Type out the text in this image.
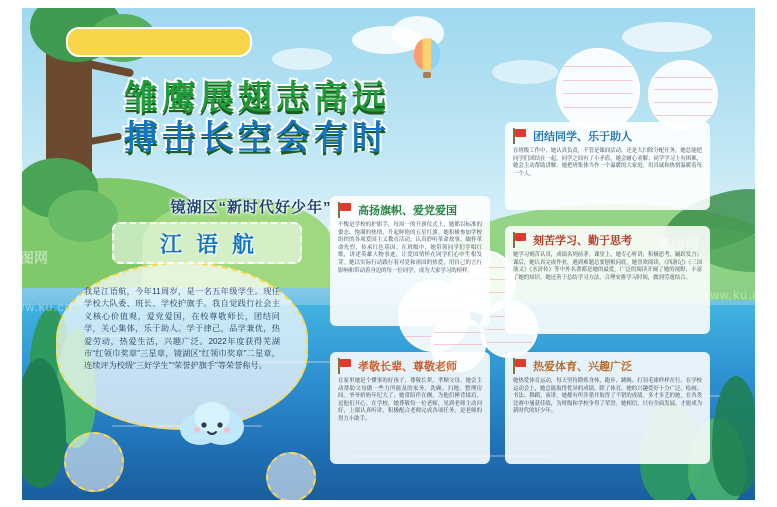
雏鹰展翅志高远
搏击长空会有时
镜湖区“新时代好少年”
江 语 航
我是江语航，今年11周岁，是一名五年级学生。现任学校大队委、班长、学校护旗手。我自觉践行社会主义核心价值观，爱党爱国，在校尊敬师长，团结同学，关心集体，乐于助人。学于律己，品学兼优，热爱劳动，热爱生活，兴趣广泛。2022年度获得芜湖市“红领巾奖章”三星章，镜湖区“红领巾奖章”二星章，连续评为校级“三好学生”“荣誉护旗手”等荣誉称号。
高扬旗帜、爱党爱国
不愧是学校的护旗手，每周一的升旗仪式上，她都以标准的姿态、饱满的热情，升起鲜艳的五星红旗。她积极参加学校组织的各项爱国主义教育活动，认真聆听革命故事，缅怀革命先烈，传承红色基因。在班级中，她带领同学们学唱红歌，讲述英雄人物事迹，让爱国情怀在同学们心中生根发芽。她以实际行动践行着对党和祖国的热爱，用自己的言行影响和带动着身边的每一位同学，成为大家学习的榜样。
团结同学、乐于助人
在班级工作中，她认真负责，不管是课间活动，还是大扫除分配任务，她总能把同学们团结在一起。同学之间有了小矛盾，她会耐心劝解；同学学习上有困难，她会主动帮助讲解。她把班集体当作一个温暖的大家庭，用真诚和热情温暖着每一个人。
刻苦学习、勤于思考
她学习刻苦认真，成绩名列前茅。课堂上，她专心听讲，积极思考，踊跃发言；课后，她认真完成作业，遇到难题总要刨根问底。她喜欢阅读，《西游记》《三国演义》《水浒传》等中外名著都是她的最爱。广泛的阅读开阔了她的视野，丰富了她的知识。她还善于总结学习方法，合理安排学习时间，做到劳逸结合。
孝敬长辈、尊敬老师
在家里她是个懂事的好孩子，尊敬长辈，孝顺父母。她会主动帮助父母做一些力所能及的家务，洗碗、扫地、整理房间。爷爷奶奶年纪大了，她常陪伴在侧，为他们捶背揉肩，逗他们开心。在学校，她尊敬每一位老师，见到老师主动问好，上课认真听讲，积极配合老师完成各项任务，是老师的得力小助手。
热爱体育、兴趣广泛
她热爱体育运动，每天坚持锻炼身体，跑步、跳绳、打羽毛球样样在行。在学校运动会上，她总能取得优异的成绩。除了体育，她的兴趣爱好十分广泛，绘画、书法、舞蹈、演讲，她都有所涉猎并取得了不错的成绩。多才多艺的她，在各类比赛中屡获佳绩，为班级和学校争得了荣誉。她相信，只有全面发展，才能成为新时代的好少年。
酷图网
www.ku.cn
酷图网
www.ku.cn
